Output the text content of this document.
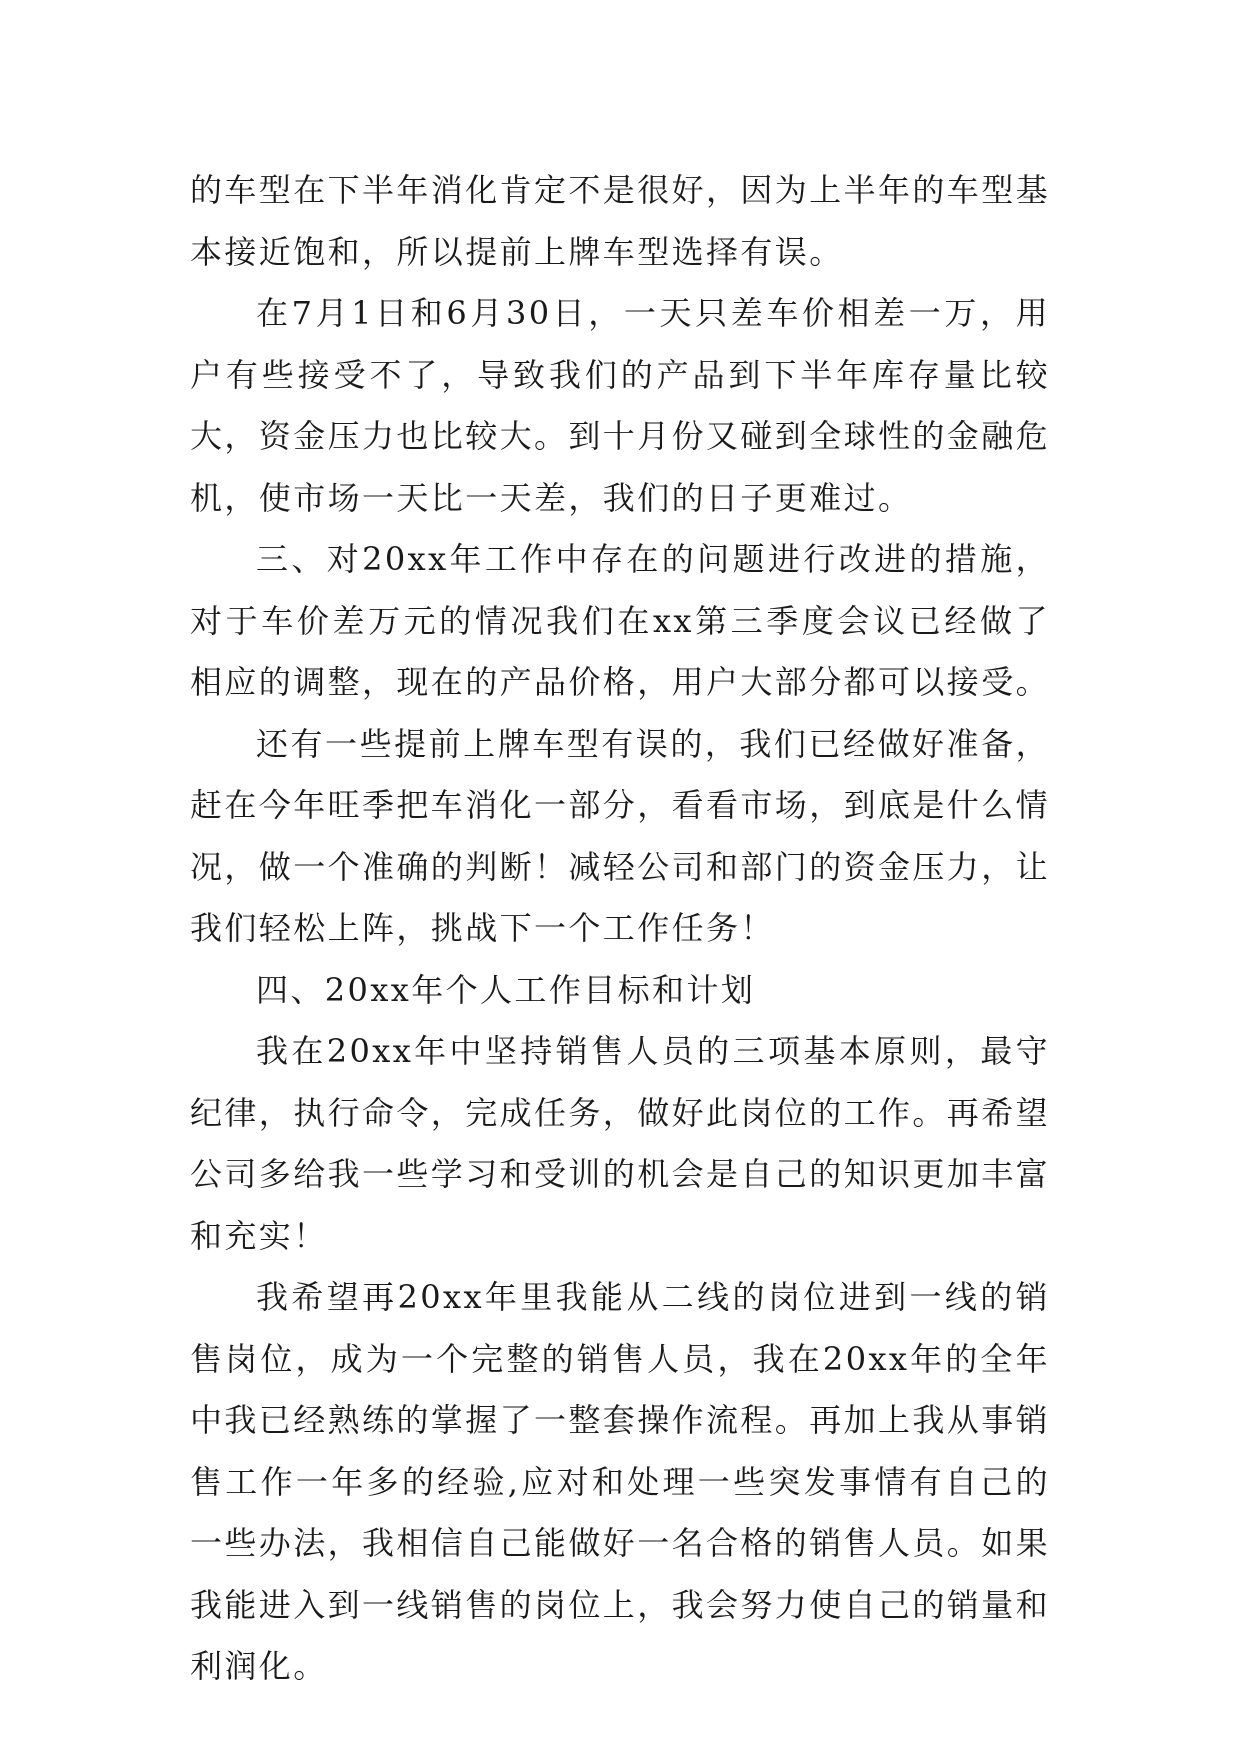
的车型在下半年消化肯定不是很好，因为上半年的车型基本接近饱和，所以提前上牌车型选择有误。

在7月1日和6月30日，一天只差车价相差一万，用户有些接受不了，导致我们的产品到下半年库存量比较大，资金压力也比较大。到十月份又碰到全球性的金融危机，使市场一天比一天差，我们的日子更难过。

三、对20xx年工作中存在的问题进行改进的措施，对于车价差万元的情况我们在xx第三季度会议已经做了相应的调整，现在的产品价格，用户大部分都可以接受。

还有一些提前上牌车型有误的，我们已经做好准备，赶在今年旺季把车消化一部分，看看市场，到底是什么情况，做一个准确的判断！减轻公司和部门的资金压力，让我们轻松上阵，挑战下一个工作任务！

四、20xx年个人工作目标和计划

我在20xx年中坚持销售人员的三项基本原则，最守纪律，执行命令，完成任务，做好此岗位的工作。再希望公司多给我一些学习和受训的机会是自己的知识更加丰富和充实！

我希望再20xx年里我能从二线的岗位进到一线的销售岗位，成为一个完整的销售人员，我在20xx年的全年中我已经熟练的掌握了一整套操作流程。再加上我从事销售工作一年多的经验,应对和处理一些突发事情有自己的一些办法，我相信自己能做好一名合格的销售人员。如果我能进入到一线销售的岗位上，我会努力使自己的销量和利润化。
